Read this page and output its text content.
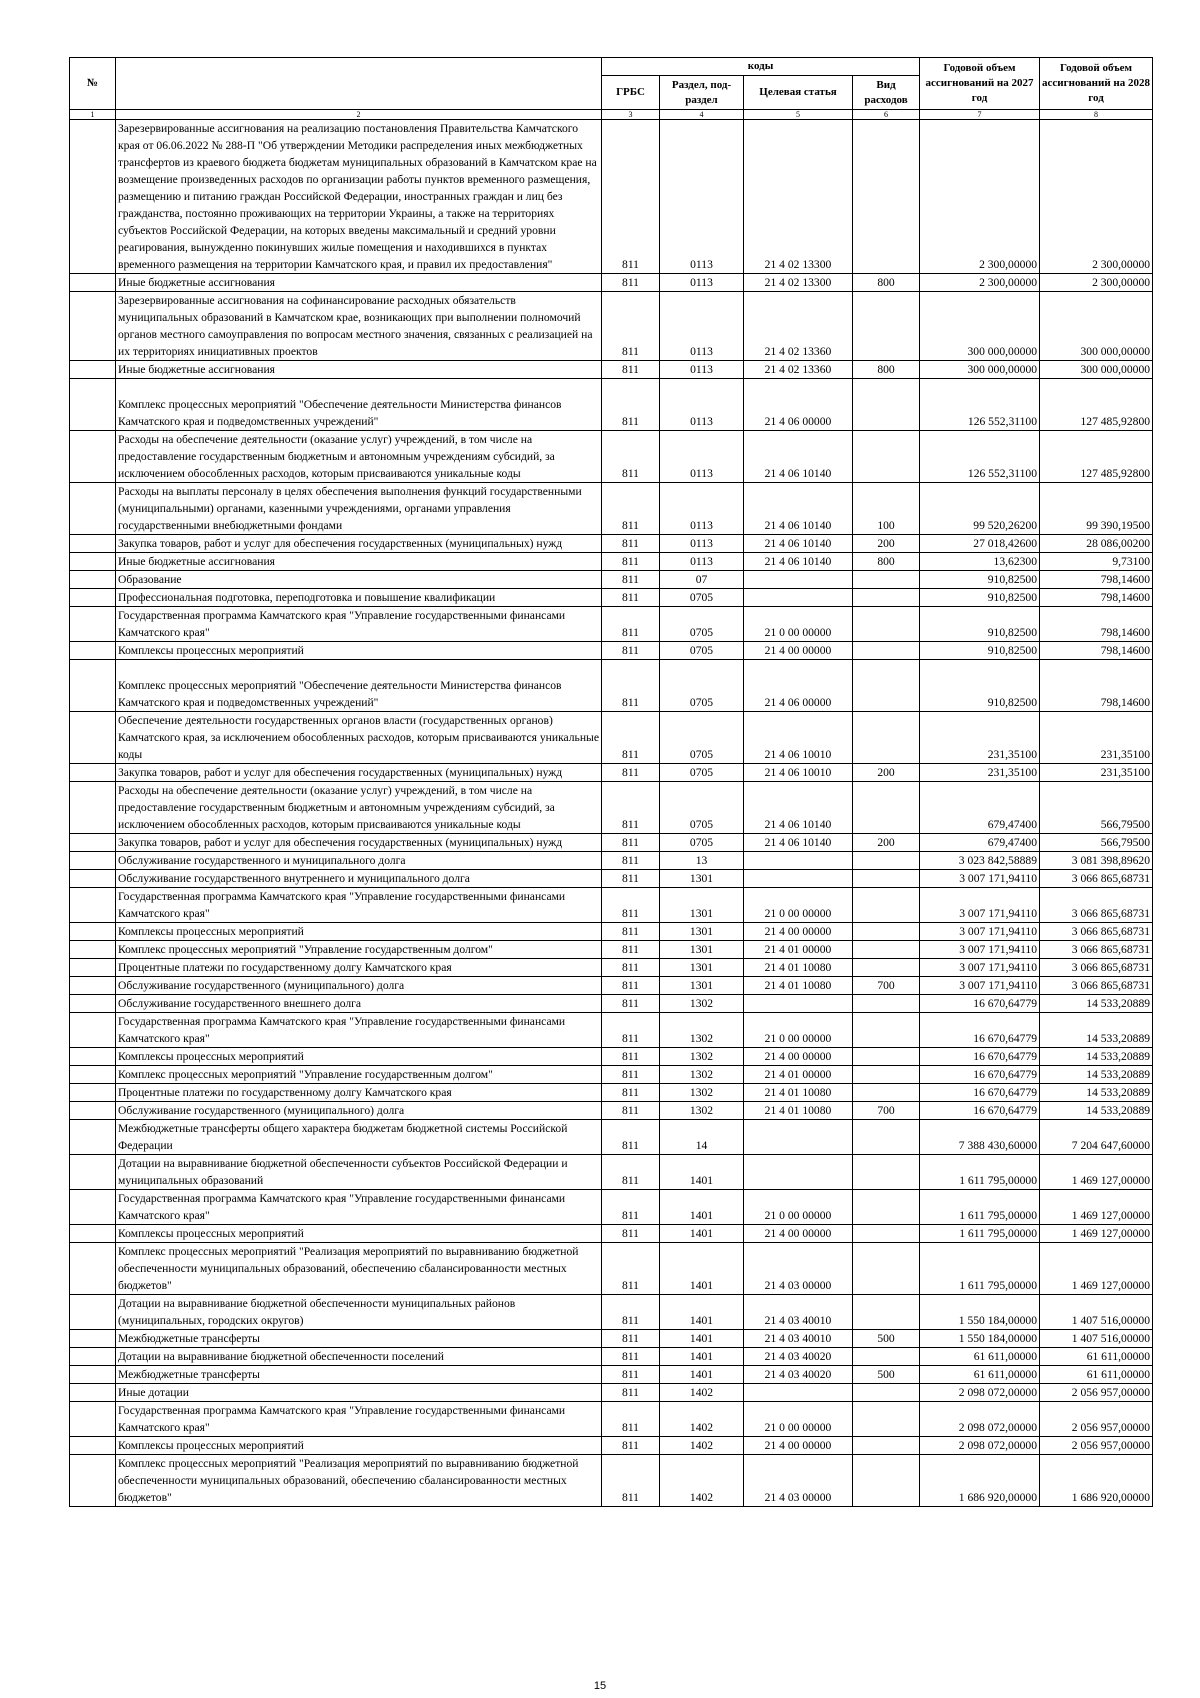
№		коды				Годовой объем ассигнований на 2027 год	Годовой объем ассигнований на 2028 год
		ГРБС	Раздел, под- раздел	Целевая статья	Вид расходов		
1	2	3	4	5	6	7	8
	Зарезервированные ассигнования на реализацию постановления Правительства Камчатского края от 06.06.2022 № 288-П "Об утверждении Методики распределения иных межбюджетных трансфертов из краевого бюджета бюджетам муниципальных образований в Камчатском крае на возмещение произведенных расходов по организации работы пунктов временного размещения, размещению и питанию граждан Российской Федерации, иностранных граждан и лиц без гражданства, постоянно проживающих на территории Украины, а также на территориях субъектов Российской Федерации, на которых введены максимальный и средний уровни реагирования, вынужденно покинувших жилые помещения и находившихся в пунктах временного размещения на территории Камчатского края, и правил их предоставления"	811	0113	21 4 02 13300		2 300,00000	2 300,00000
	Иные бюджетные ассигнования	811	0113	21 4 02 13300	800	2 300,00000	2 300,00000
	Зарезервированные ассигнования на софинансирование расходных обязательств муниципальных образований в Камчатском крае, возникающих при выполнении полномочий органов местного самоуправления по вопросам местного значения, связанных с реализацией на их территориях инициативных проектов	811	0113	21 4 02 13360		300 000,00000	300 000,00000
	Иные бюджетные ассигнования	811	0113	21 4 02 13360	800	300 000,00000	300 000,00000
	Комплекс процессных мероприятий "Обеспечение деятельности Министерства финансов Камчатского края и подведомственных учреждений"	811	0113	21 4 06 00000		126 552,31100	127 485,92800
	Расходы на обеспечение деятельности (оказание услуг) учреждений, в том числе на предоставление государственным бюджетным и автономным учреждениям субсидий, за исключением обособленных расходов, которым присваиваются уникальные коды	811	0113	21 4 06 10140		126 552,31100	127 485,92800
	Расходы на выплаты персоналу в целях обеспечения выполнения функций государственными (муниципальными) органами, казенными учреждениями, органами управления государственными внебюджетными фондами	811	0113	21 4 06 10140	100	99 520,26200	99 390,19500
	Закупка товаров, работ и услуг для обеспечения государственных (муниципальных) нужд	811	0113	21 4 06 10140	200	27 018,42600	28 086,00200
	Иные бюджетные ассигнования	811	0113	21 4 06 10140	800	13,62300	9,73100
	Образование	811	07			910,82500	798,14600
	Профессиональная подготовка, переподготовка и повышение квалификации	811	0705			910,82500	798,14600
	Государственная программа Камчатского края "Управление государственными финансами Камчатского края"	811	0705	21 0 00 00000		910,82500	798,14600
	Комплексы процессных мероприятий	811	0705	21 4 00 00000		910,82500	798,14600
	Комплекс процессных мероприятий "Обеспечение деятельности Министерства финансов Камчатского края и подведомственных учреждений"	811	0705	21 4 06 00000		910,82500	798,14600
	Обеспечение деятельности государственных органов власти (государственных органов) Камчатского края, за исключением обособленных расходов, которым присваиваются уникальные коды	811	0705	21 4 06 10010		231,35100	231,35100
	Закупка товаров, работ и услуг для обеспечения государственных (муниципальных) нужд	811	0705	21 4 06 10010	200	231,35100	231,35100
	Расходы на обеспечение деятельности (оказание услуг) учреждений, в том числе на предоставление государственным бюджетным и автономным учреждениям субсидий, за исключением обособленных расходов, которым присваиваются уникальные коды	811	0705	21 4 06 10140		679,47400	566,79500
	Закупка товаров, работ и услуг для обеспечения государственных (муниципальных) нужд	811	0705	21 4 06 10140	200	679,47400	566,79500
	Обслуживание государственного и муниципального долга	811	13			3 023 842,58889	3 081 398,89620
	Обслуживание государственного внутреннего и муниципального долга	811	1301			3 007 171,94110	3 066 865,68731
	Государственная программа Камчатского края "Управление государственными финансами Камчатского края"	811	1301	21 0 00 00000		3 007 171,94110	3 066 865,68731
	Комплексы процессных мероприятий	811	1301	21 4 00 00000		3 007 171,94110	3 066 865,68731
	Комплекс процессных мероприятий "Управление государственным долгом"	811	1301	21 4 01 00000		3 007 171,94110	3 066 865,68731
	Процентные платежи по государственному долгу Камчатского края	811	1301	21 4 01 10080		3 007 171,94110	3 066 865,68731
	Обслуживание государственного (муниципального) долга	811	1301	21 4 01 10080	700	3 007 171,94110	3 066 865,68731
	Обслуживание государственного внешнего долга	811	1302			16 670,64779	14 533,20889
	Государственная программа Камчатского края "Управление государственными финансами Камчатского края"	811	1302	21 0 00 00000		16 670,64779	14 533,20889
	Комплексы процессных мероприятий	811	1302	21 4 00 00000		16 670,64779	14 533,20889
	Комплекс процессных мероприятий "Управление государственным долгом"	811	1302	21 4 01 00000		16 670,64779	14 533,20889
	Процентные платежи по государственному долгу Камчатского края	811	1302	21 4 01 10080		16 670,64779	14 533,20889
	Обслуживание государственного (муниципального) долга	811	1302	21 4 01 10080	700	16 670,64779	14 533,20889
	Межбюджетные трансферты общего характера бюджетам бюджетной системы Российской Федерации	811	14			7 388 430,60000	7 204 647,60000
	Дотации на выравнивание бюджетной обеспеченности субъектов Российской Федерации и муниципальных образований	811	1401			1 611 795,00000	1 469 127,00000
	Государственная программа Камчатского края "Управление государственными финансами Камчатского края"	811	1401	21 0 00 00000		1 611 795,00000	1 469 127,00000
	Комплексы процессных мероприятий	811	1401	21 4 00 00000		1 611 795,00000	1 469 127,00000
	Комплекс процессных мероприятий "Реализация мероприятий по выравниванию бюджетной обеспеченности муниципальных образований, обеспечению сбалансированности местных бюджетов"	811	1401	21 4 03 00000		1 611 795,00000	1 469 127,00000
	Дотации на выравнивание бюджетной обеспеченности муниципальных районов (муниципальных, городских округов)	811	1401	21 4 03 40010		1 550 184,00000	1 407 516,00000
	Межбюджетные трансферты	811	1401	21 4 03 40010	500	1 550 184,00000	1 407 516,00000
	Дотации на выравнивание бюджетной обеспеченности поселений	811	1401	21 4 03 40020		61 611,00000	61 611,00000
	Межбюджетные трансферты	811	1401	21 4 03 40020	500	61 611,00000	61 611,00000
	Иные дотации	811	1402			2 098 072,00000	2 056 957,00000
	Государственная программа Камчатского края "Управление государственными финансами Камчатского края"	811	1402	21 0 00 00000		2 098 072,00000	2 056 957,00000
	Комплексы процессных мероприятий	811	1402	21 4 00 00000		2 098 072,00000	2 056 957,00000
	Комплекс процессных мероприятий "Реализация мероприятий по выравниванию бюджетной обеспеченности муниципальных образований, обеспечению сбалансированности местных бюджетов"	811	1402	21 4 03 00000		1 686 920,00000	1 686 920,00000
15
